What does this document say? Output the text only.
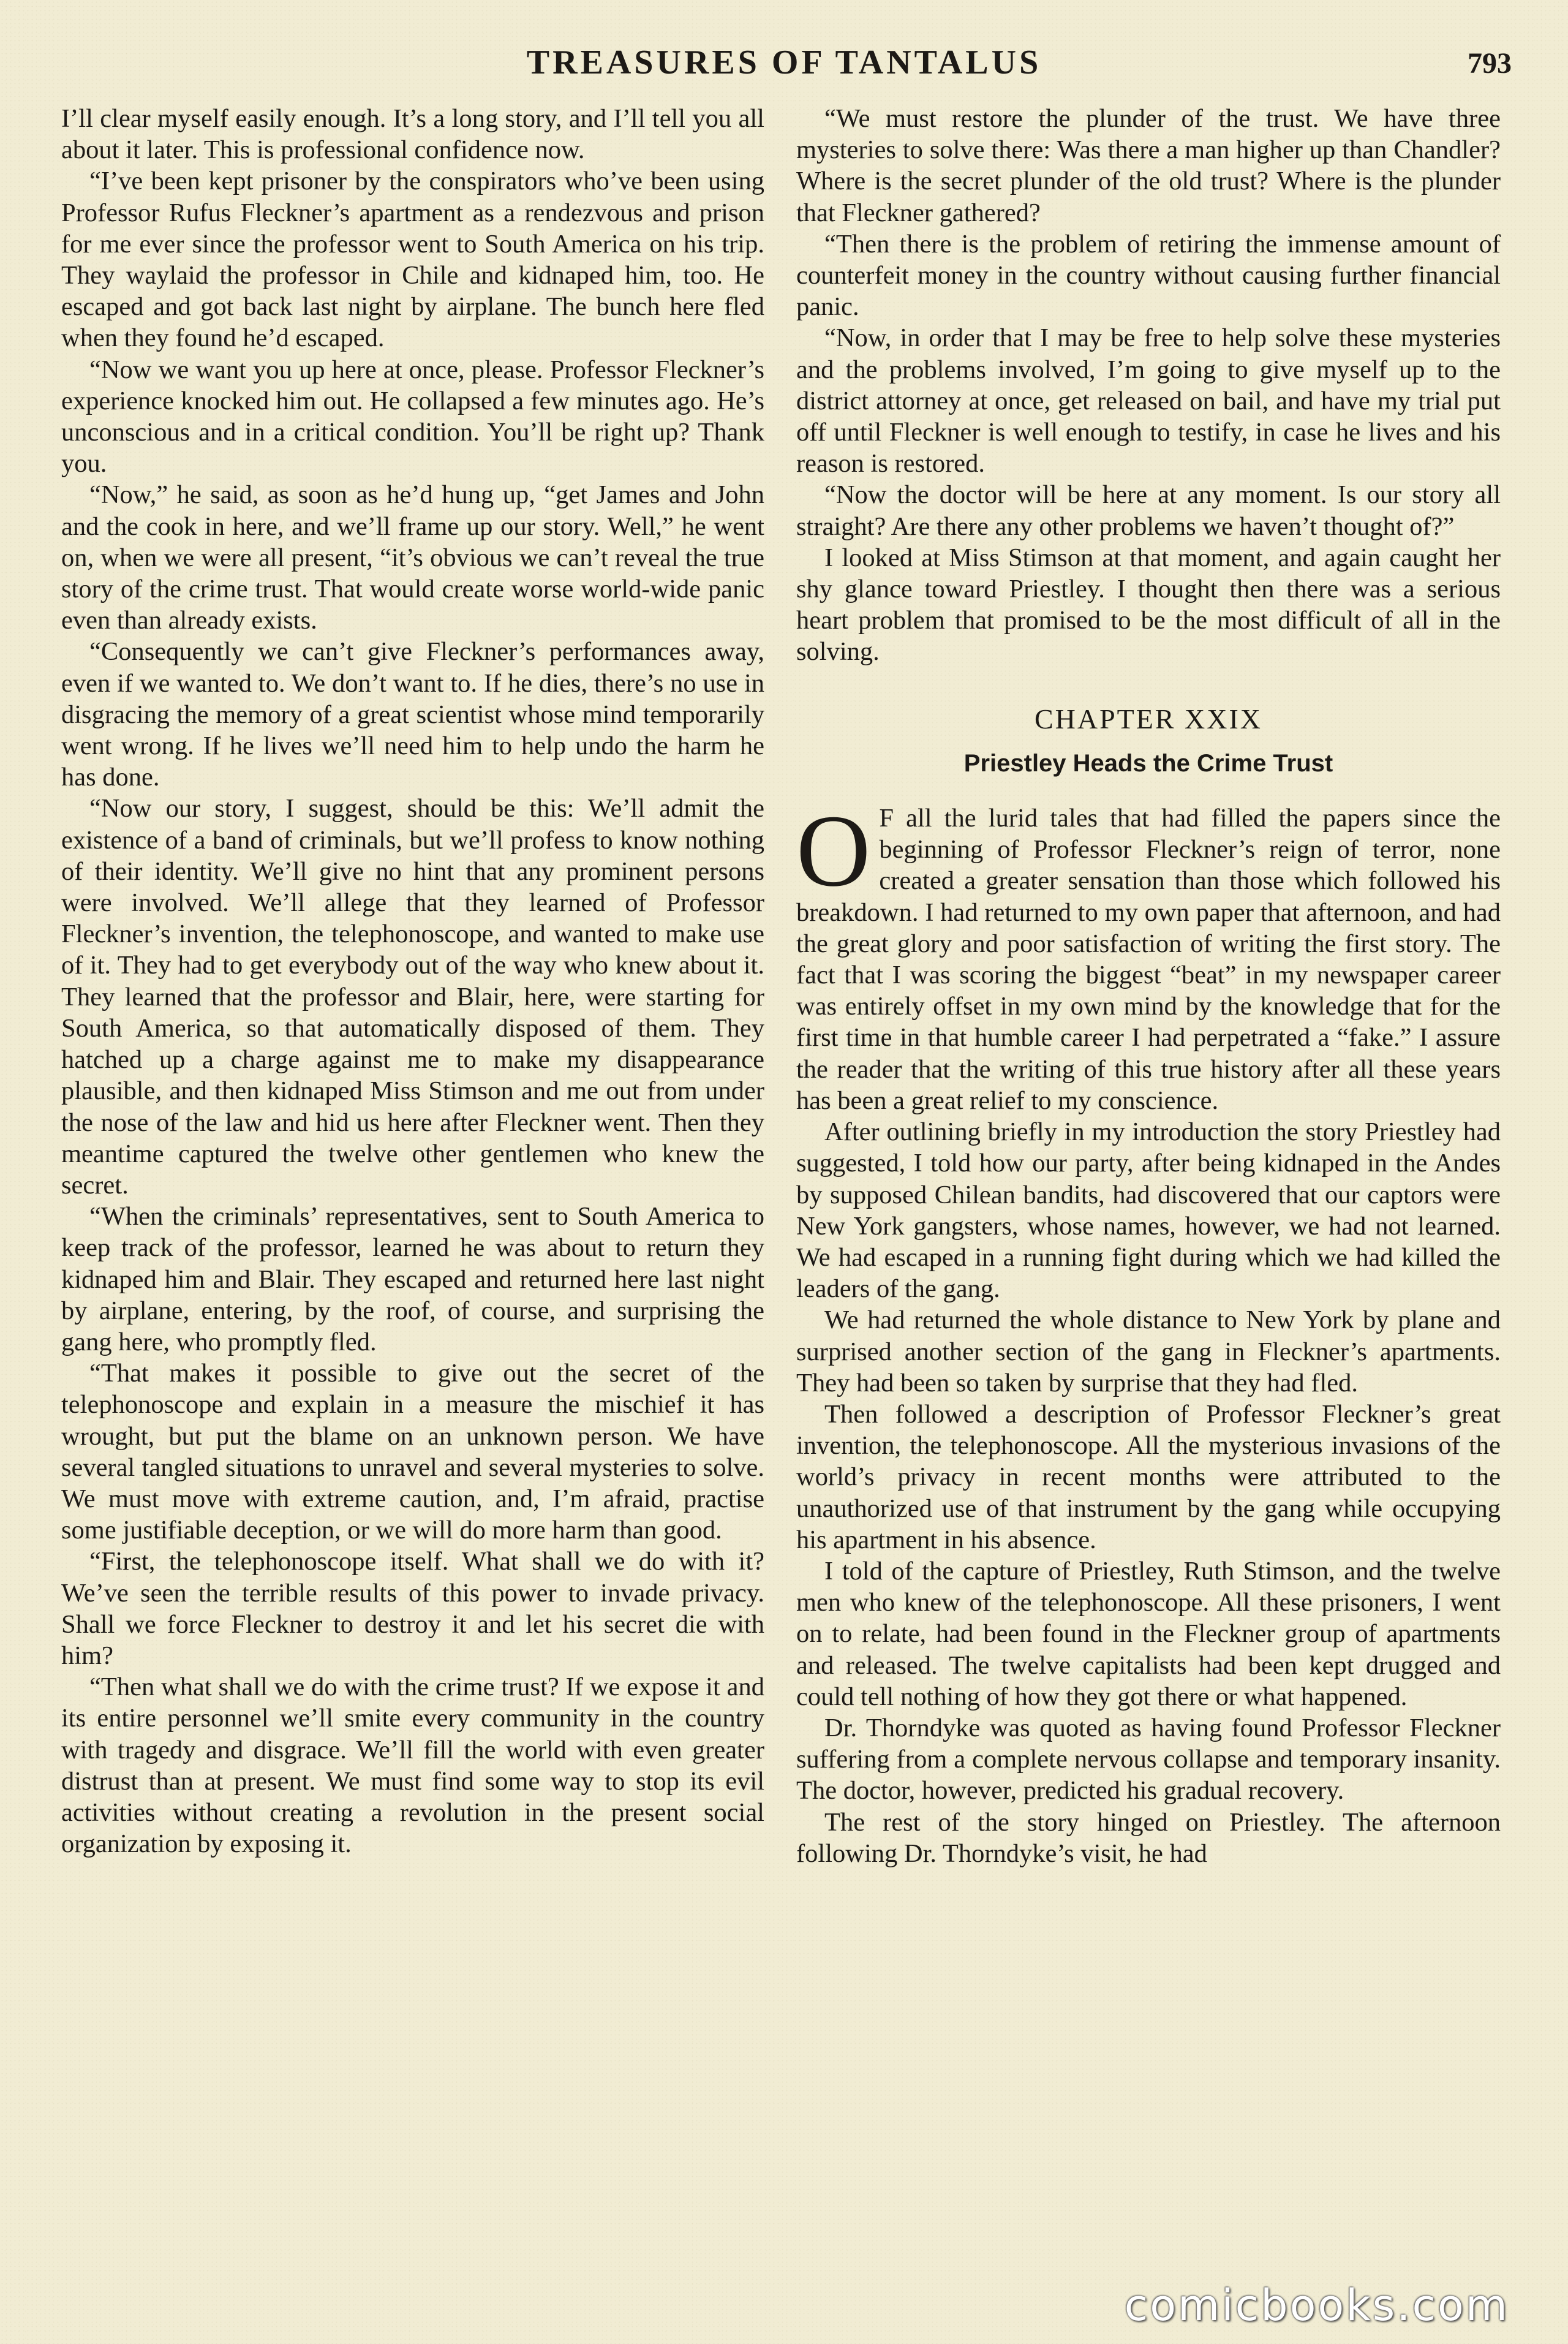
TREASURES OF TANTALUS	793

I’ll clear myself easily enough. It’s a long story, and I’ll tell you all about it later. This is professional confidence now.

“I’ve been kept prisoner by the conspirators who’ve been using Professor Rufus Fleckner’s apartment as a rendezvous and prison for me ever since the professor went to South America on his trip. They waylaid the professor in Chile and kidnaped him, too. He escaped and got back last night by airplane. The bunch here fled when they found he’d escaped.

“Now we want you up here at once, please. Professor Fleckner’s experience knocked him out. He collapsed a few minutes ago. He’s unconscious and in a critical condition. You’ll be right up? Thank you.

“Now,” he said, as soon as he’d hung up, “get James and John and the cook in here, and we’ll frame up our story. Well,” he went on, when we were all present, “it’s obvious we can’t reveal the true story of the crime trust. That would create worse world-wide panic even than already exists.

“Consequently we can’t give Fleckner’s performances away, even if we wanted to. We don’t want to. If he dies, there’s no use in disgracing the memory of a great scientist whose mind temporarily went wrong. If he lives we’ll need him to help undo the harm he has done.

“Now our story, I suggest, should be this: We’ll admit the existence of a band of criminals, but we’ll profess to know nothing of their identity. We’ll give no hint that any prominent persons were involved. We’ll allege that they learned of Professor Fleckner’s invention, the telephonoscope, and wanted to make use of it. They had to get everybody out of the way who knew about it. They learned that the professor and Blair, here, were starting for South America, so that automatically disposed of them. They hatched up a charge against me to make my disappearance plausible, and then kidnaped Miss Stimson and me out from under the nose of the law and hid us here after Fleckner went. Then they meantime captured the twelve other gentlemen who knew the secret.

“When the criminals’ representatives, sent to South America to keep track of the professor, learned he was about to return they kidnaped him and Blair. They escaped and returned here last night by airplane, entering, by the roof, of course, and surprising the gang here, who promptly fled.

“That makes it possible to give out the secret of the telephonoscope and explain in a measure the mischief it has wrought, but put the blame on an unknown person. We have several tangled situations to unravel and several mysteries to solve. We must move with extreme caution, and, I’m afraid, practise some justifiable deception, or we will do more harm than good.

“First, the telephonoscope itself. What shall we do with it? We’ve seen the terrible results of this power to invade privacy. Shall we force Fleckner to destroy it and let his secret die with him?

“Then what shall we do with the crime trust? If we expose it and its entire personnel we’ll smite every community in the country with tragedy and disgrace. We’ll fill the world with even greater distrust than at present. We must find some way to stop its evil activities without creating a revolution in the present social organization by exposing it.

“We must restore the plunder of the trust. We have three mysteries to solve there: Was there a man higher up than Chandler? Where is the secret plunder of the old trust? Where is the plunder that Fleckner gathered?

“Then there is the problem of retiring the immense amount of counterfeit money in the country without causing further financial panic.

“Now, in order that I may be free to help solve these mysteries and the problems involved, I’m going to give myself up to the district attorney at once, get released on bail, and have my trial put off until Fleckner is well enough to testify, in case he lives and his reason is restored.

“Now the doctor will be here at any moment. Is our story all straight? Are there any other problems we haven’t thought of?”

I looked at Miss Stimson at that moment, and again caught her shy glance toward Priestley. I thought then there was a serious heart problem that promised to be the most difficult of all in the solving.

CHAPTER XXIX
Priestley Heads the Crime Trust

O F all the lurid tales that had filled the papers since the beginning of Professor Fleckner’s reign of terror, none created a greater sensation than those which followed his breakdown. I had returned to my own paper that afternoon, and had the great glory and poor satisfaction of writing the first story. The fact that I was scoring the biggest “beat” in my newspaper career was entirely offset in my own mind by the knowledge that for the first time in that humble career I had perpetrated a “fake.” I assure the reader that the writing of this true history after all these years has been a great relief to my conscience.

After outlining briefly in my introduction the story Priestley had suggested, I told how our party, after being kidnaped in the Andes by supposed Chilean bandits, had discovered that our captors were New York gangsters, whose names, however, we had not learned. We had escaped in a running fight during which we had killed the leaders of the gang.

We had returned the whole distance to New York by plane and surprised another section of the gang in Fleckner’s apartments. They had been so taken by surprise that they had fled.

Then followed a description of Professor Fleckner’s great invention, the telephonoscope. All the mysterious invasions of the world’s privacy in recent months were attributed to the unauthorized use of that instrument by the gang while occupying his apartment in his absence.

I told of the capture of Priestley, Ruth Stimson, and the twelve men who knew of the telephonoscope. All these prisoners, I went on to relate, had been found in the Fleckner group of apartments and released. The twelve capitalists had been kept drugged and could tell nothing of how they got there or what happened.

Dr. Thorndyke was quoted as having found Professor Fleckner suffering from a complete nervous collapse and temporary insanity. The doctor, however, predicted his gradual recovery.

The rest of the story hinged on Priestley. The afternoon following Dr. Thorndyke’s visit, he had

comicbooks.com
